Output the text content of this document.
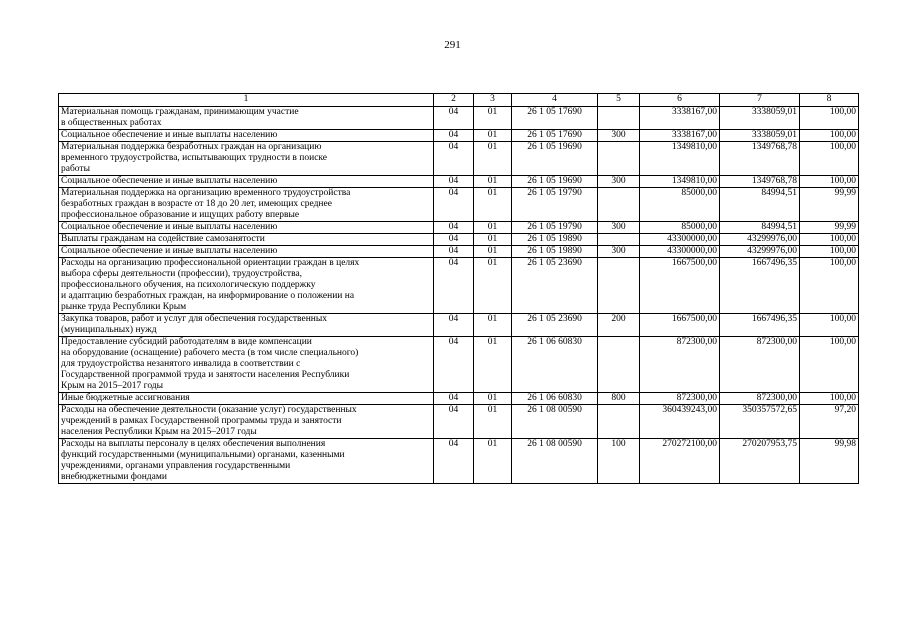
291
1	2	3	4	5	6	7	8
Материальная помощь гражданам, принимающим участие
в общественных работах	04	01	26 1 05 17690		3338167,00	3338059,01	100,00
Социальное обеспечение и иные выплаты населению	04	01	26 1 05 17690	300	3338167,00	3338059,01	100,00
Материальная поддержка безработных граждан на организацию
временного трудоустройства, испытывающих трудности в поиске
работы	04	01	26 1 05 19690		1349810,00	1349768,78	100,00
Социальное обеспечение и иные выплаты населению	04	01	26 1 05 19690	300	1349810,00	1349768,78	100,00
Материальная поддержка на организацию временного трудоустройства
безработных граждан в возрасте от 18 до 20 лет, имеющих среднее
профессиональное образование и ищущих работу впервые	04	01	26 1 05 19790		85000,00	84994,51	99,99
Социальное обеспечение и иные выплаты населению	04	01	26 1 05 19790	300	85000,00	84994,51	99,99
Выплаты гражданам на содействие самозанятости	04	01	26 1 05 19890		43300000,00	43299976,00	100,00
Социальное обеспечение и иные выплаты населению	04	01	26 1 05 19890	300	43300000,00	43299976,00	100,00
Расходы на организацию профессиональной ориентации граждан в целях
выбора сферы деятельности (профессии), трудоустройства,
профессионального обучения, на психологическую поддержку
и адаптацию безработных граждан, на информирование о положении на
рынке труда Республики Крым	04	01	26 1 05 23690		1667500,00	1667496,35	100,00
Закупка товаров, работ и услуг для обеспечения государственных
(муниципальных) нужд	04	01	26 1 05 23690	200	1667500,00	1667496,35	100,00
Предоставление субсидий работодателям в виде компенсации
на оборудование (оснащение) рабочего места (в том числе специального)
для трудоустройства незанятого инвалида в соответствии с
Государственной программой труда и занятости населения Республики
Крым на 2015–2017 годы	04	01	26 1 06 60830		872300,00	872300,00	100,00
Иные бюджетные ассигнования	04	01	26 1 06 60830	800	872300,00	872300,00	100,00
Расходы на обеспечение деятельности (оказание услуг) государственных
учреждений в рамках Государственной программы труда и занятости
населения Республики Крым на 2015–2017 годы	04	01	26 1 08 00590		360439243,00	350357572,65	97,20
Расходы на выплаты персоналу в целях обеспечения выполнения
функций государственными (муниципальными) органами, казенными
учреждениями, органами управления государственными
внебюджетными фондами	04	01	26 1 08 00590	100	270272100,00	270207953,75	99,98
